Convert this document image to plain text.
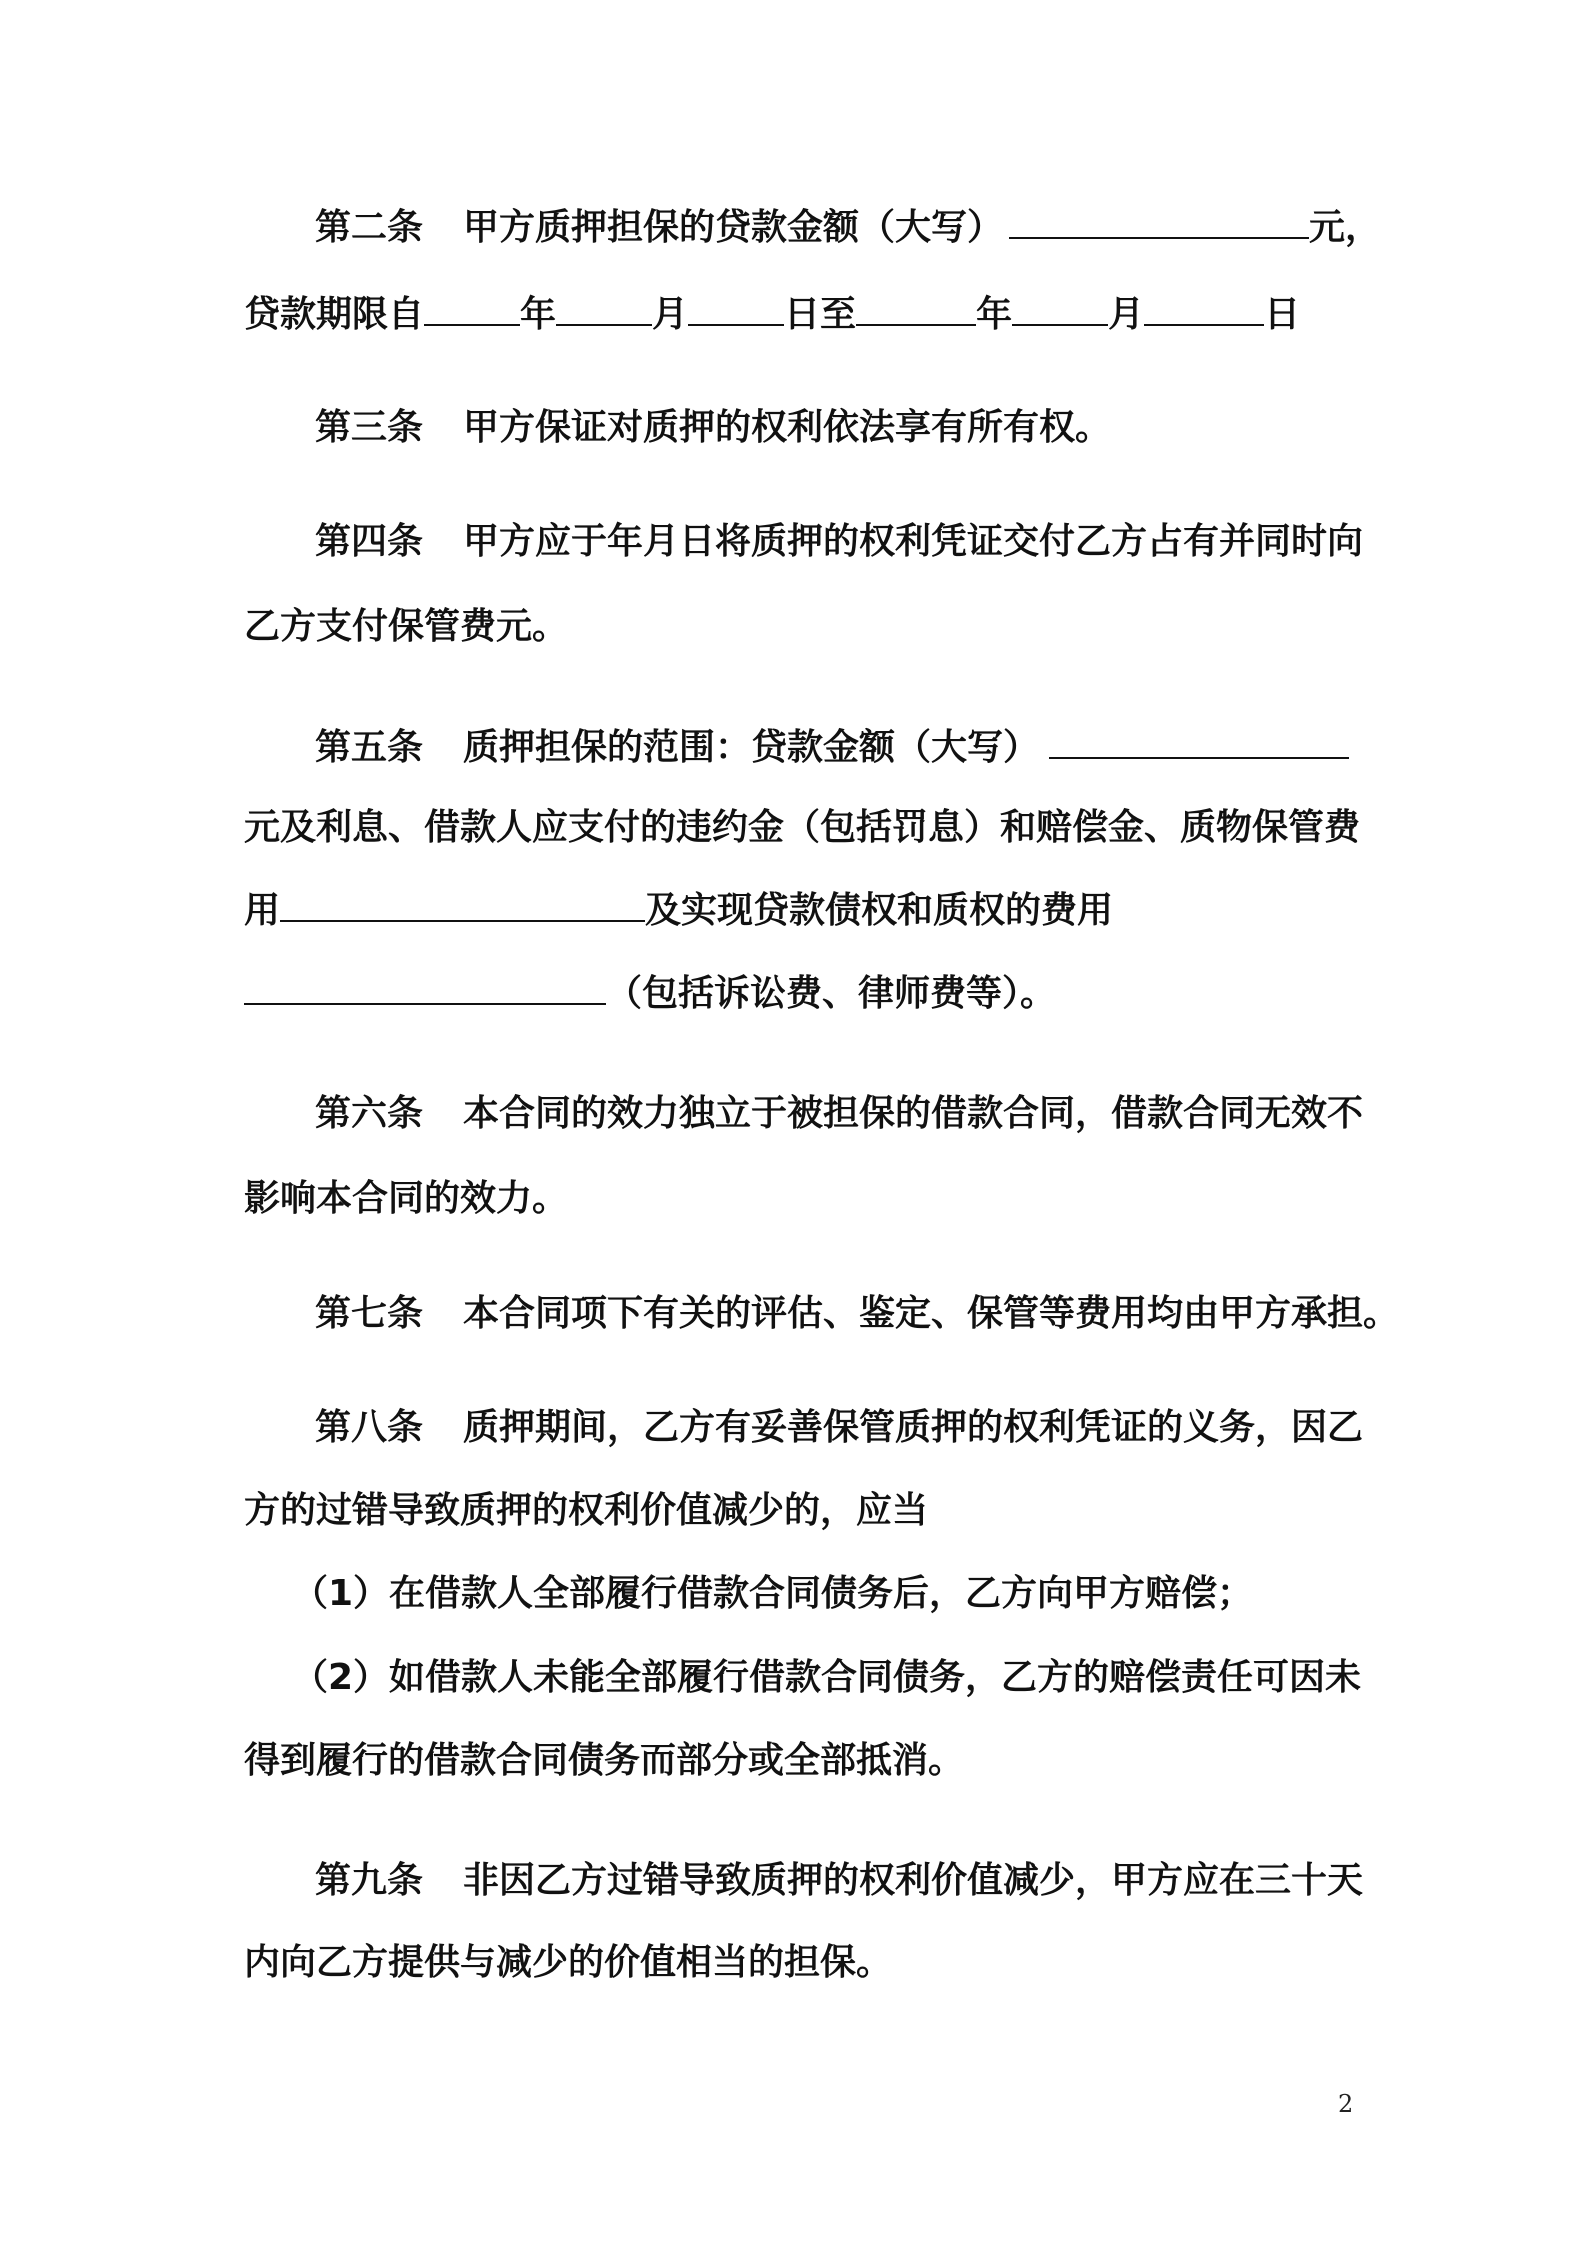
第二条 甲方质押担保的贷款金额（大写）	元，
贷款期限自	年	月	日至	年	月	日
第三条 甲方保证对质押的权利依法享有所有权。
第四条 甲方应于年月日将质押的权利凭证交付乙方占有并同时向
乙方支付保管费元。
第五条 质押担保的范围：贷款金额（大写）
元及利息、借款人应支付的违约金（包括罚息）和赔偿金、质物保管费
用	及实现贷款债权和质权的费用
（包括诉讼费、律师费等）。
第六条 本合同的效力独立于被担保的借款合同，借款合同无效不
影响本合同的效力。
第七条 本合同项下有关的评估、鉴定、保管等费用均由甲方承担。
第八条 质押期间，乙方有妥善保管质押的权利凭证的义务，因乙
方的过错导致质押的权利价值减少的，应当
（1）在借款人全部履行借款合同债务后，乙方向甲方赔偿；
（2）如借款人未能全部履行借款合同债务，乙方的赔偿责任可因未
得到履行的借款合同债务而部分或全部抵消。
第九条 非因乙方过错导致质押的权利价值减少，甲方应在三十天
内向乙方提供与减少的价值相当的担保。
2
